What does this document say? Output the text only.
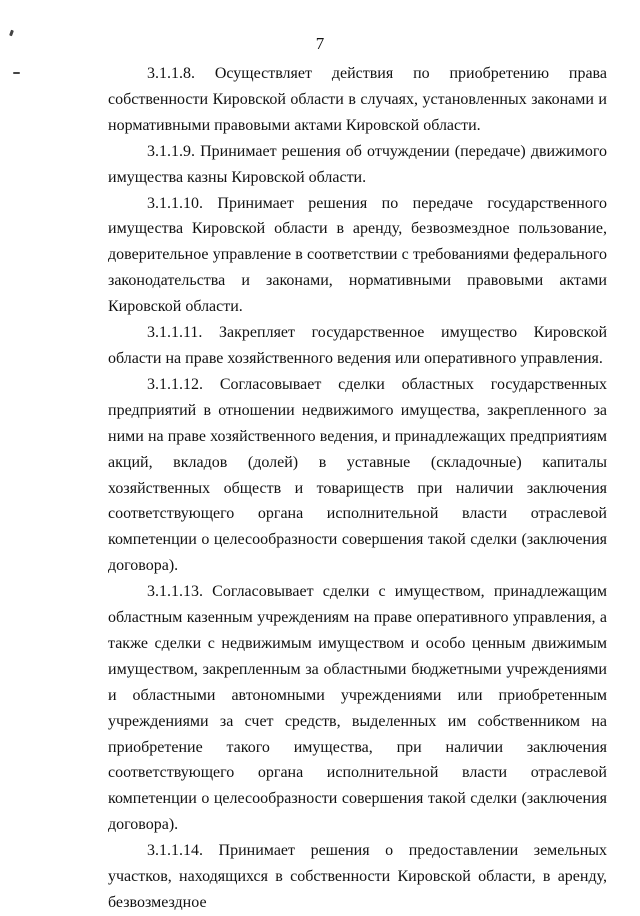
7

3.1.1.8. Осуществляет действия по приобретению права собственности Кировской области в случаях, установленных законами и нормативными правовыми актами Кировской области.

3.1.1.9. Принимает решения об отчуждении (передаче) движимого имущества казны Кировской области.

3.1.1.10. Принимает решения по передаче государственного имущества Кировской области в аренду, безвозмездное пользование, доверительное управление в соответствии с требованиями федерального законодательства и законами, нормативными правовыми актами Кировской области.

3.1.1.11. Закрепляет государственное имущество Кировской области на праве хозяйственного ведения или оперативного управления.

3.1.1.12. Согласовывает сделки областных государственных предприятий в отношении недвижимого имущества, закрепленного за ними на праве хозяйственного ведения, и принадлежащих предприятиям акций, вкладов (долей) в уставные (складочные) капиталы хозяйственных обществ и товариществ при наличии заключения соответствующего органа исполнительной власти отраслевой компетенции о целесообразности совершения такой сделки (заключения договора).

3.1.1.13. Согласовывает сделки с имуществом, принадлежащим областным казенным учреждениям на праве оперативного управления, а также сделки с недвижимым имуществом и особо ценным движимым имуществом, закрепленным за областными бюджетными учреждениями и областными автономными учреждениями или приобретенным учреждениями за счет средств, выделенных им собственником на приобретение такого имущества, при наличии заключения соответствующего органа исполнительной власти отраслевой компетенции о целесообразности совершения такой сделки (заключения договора).

3.1.1.14. Принимает решения о предоставлении земельных участков, находящихся в собственности Кировской области, в аренду, безвозмездное
